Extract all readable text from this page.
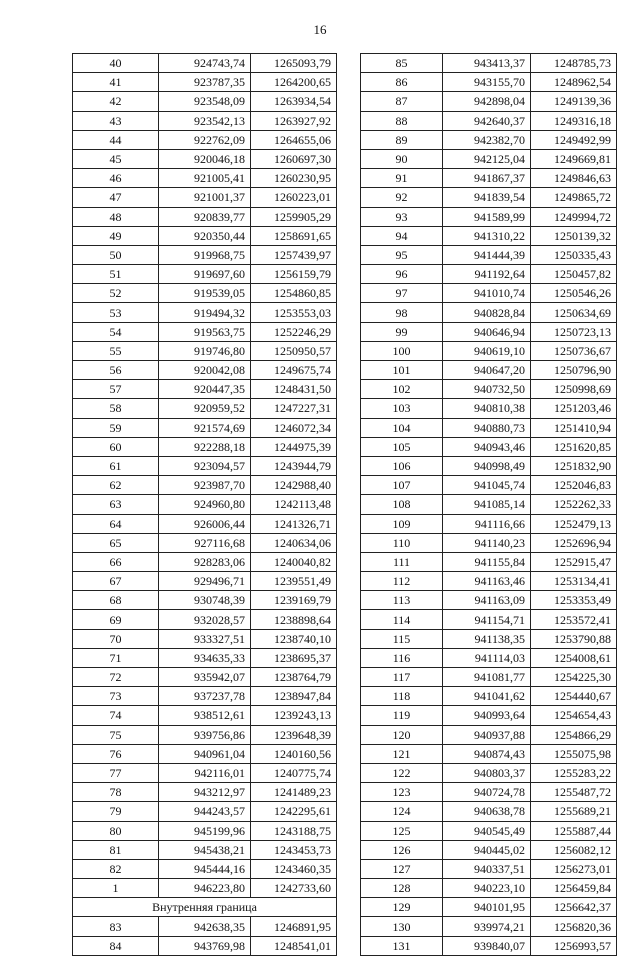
16
40	924743,74	1265093,79
41	923787,35	1264200,65
42	923548,09	1263934,54
43	923542,13	1263927,92
44	922762,09	1264655,06
45	920046,18	1260697,30
46	921005,41	1260230,95
47	921001,37	1260223,01
48	920839,77	1259905,29
49	920350,44	1258691,65
50	919968,75	1257439,97
51	919697,60	1256159,79
52	919539,05	1254860,85
53	919494,32	1253553,03
54	919563,75	1252246,29
55	919746,80	1250950,57
56	920042,08	1249675,74
57	920447,35	1248431,50
58	920959,52	1247227,31
59	921574,69	1246072,34
60	922288,18	1244975,39
61	923094,57	1243944,79
62	923987,70	1242988,40
63	924960,80	1242113,48
64	926006,44	1241326,71
65	927116,68	1240634,06
66	928283,06	1240040,82
67	929496,71	1239551,49
68	930748,39	1239169,79
69	932028,57	1238898,64
70	933327,51	1238740,10
71	934635,33	1238695,37
72	935942,07	1238764,79
73	937237,78	1238947,84
74	938512,61	1239243,13
75	939756,86	1239648,39
76	940961,04	1240160,56
77	942116,01	1240775,74
78	943212,97	1241489,23
79	944243,57	1242295,61
80	945199,96	1243188,75
81	945438,21	1243453,73
82	945444,16	1243460,35
1	946223,80	1242733,60
Внутренняя граница		
83	942638,35	1246891,95
84	943769,98	1248541,01
85	943413,37	1248785,73
86	943155,70	1248962,54
87	942898,04	1249139,36
88	942640,37	1249316,18
89	942382,70	1249492,99
90	942125,04	1249669,81
91	941867,37	1249846,63
92	941839,54	1249865,72
93	941589,99	1249994,72
94	941310,22	1250139,32
95	941444,39	1250335,43
96	941192,64	1250457,82
97	941010,74	1250546,26
98	940828,84	1250634,69
99	940646,94	1250723,13
100	940619,10	1250736,67
101	940647,20	1250796,90
102	940732,50	1250998,69
103	940810,38	1251203,46
104	940880,73	1251410,94
105	940943,46	1251620,85
106	940998,49	1251832,90
107	941045,74	1252046,83
108	941085,14	1252262,33
109	941116,66	1252479,13
110	941140,23	1252696,94
111	941155,84	1252915,47
112	941163,46	1253134,41
113	941163,09	1253353,49
114	941154,71	1253572,41
115	941138,35	1253790,88
116	941114,03	1254008,61
117	941081,77	1254225,30
118	941041,62	1254440,67
119	940993,64	1254654,43
120	940937,88	1254866,29
121	940874,43	1255075,98
122	940803,37	1255283,22
123	940724,78	1255487,72
124	940638,78	1255689,21
125	940545,49	1255887,44
126	940445,02	1256082,12
127	940337,51	1256273,01
128	940223,10	1256459,84
129	940101,95	1256642,37
130	939974,21	1256820,36
131	939840,07	1256993,57
